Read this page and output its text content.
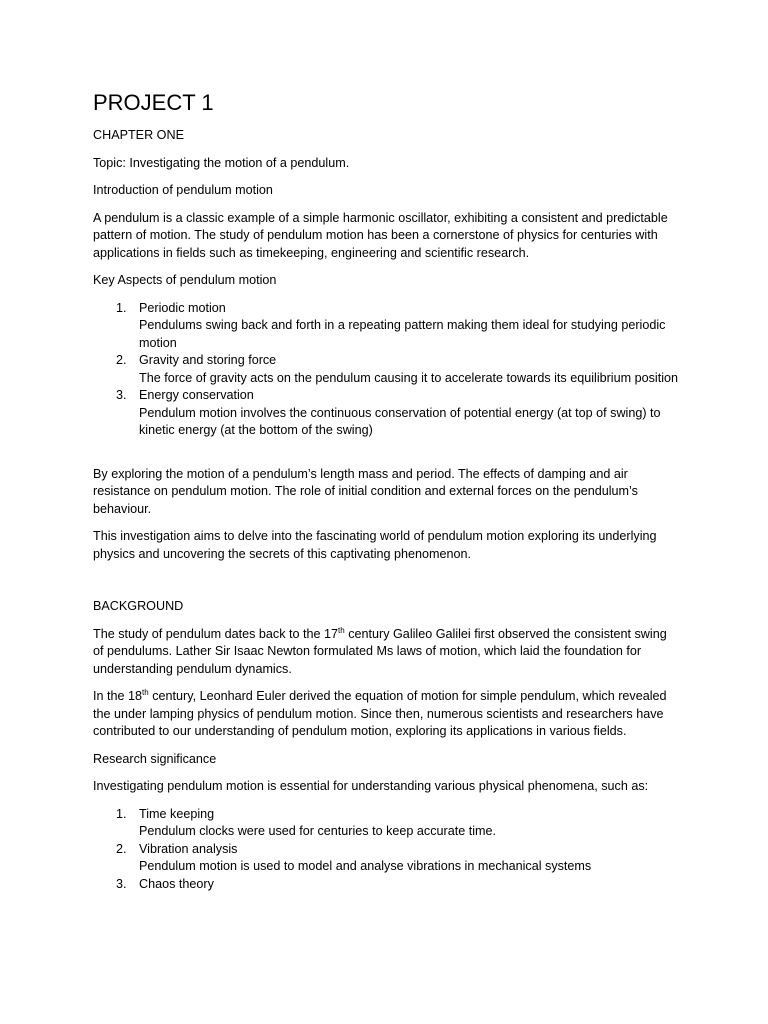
PROJECT 1

CHAPTER ONE

Topic: Investigating the motion of a pendulum.

Introduction of pendulum motion

A pendulum is a classic example of a simple harmonic oscillator, exhibiting a consistent and predictable pattern of motion. The study of pendulum motion has been a cornerstone of physics for centuries with applications in fields such as timekeeping, engineering and scientific research.

Key Aspects of pendulum motion

1. Periodic motion
Pendulums swing back and forth in a repeating pattern making them ideal for studying periodic motion
2. Gravity and storing force
The force of gravity acts on the pendulum causing it to accelerate towards its equilibrium position
3. Energy conservation
Pendulum motion involves the continuous conservation of potential energy (at top of swing) to kinetic energy (at the bottom of the swing)

By exploring the motion of a pendulum’s length mass and period. The effects of damping and air resistance on pendulum motion. The role of initial condition and external forces on the pendulum’s behaviour.

This investigation aims to delve into the fascinating world of pendulum motion exploring its underlying physics and uncovering the secrets of this captivating phenomenon.

BACKGROUND

The study of pendulum dates back to the 17th century Galileo Galilei first observed the consistent swing of pendulums. Lather Sir Isaac Newton formulated Ms laws of motion, which laid the foundation for understanding pendulum dynamics.

In the 18th century, Leonhard Euler derived the equation of motion for simple pendulum, which revealed the under lamping physics of pendulum motion. Since then, numerous scientists and researchers have contributed to our understanding of pendulum motion, exploring its applications in various fields.

Research significance

Investigating pendulum motion is essential for understanding various physical phenomena, such as:

1. Time keeping
Pendulum clocks were used for centuries to keep accurate time.
2. Vibration analysis
Pendulum motion is used to model and analyse vibrations in mechanical systems
3. Chaos theory
